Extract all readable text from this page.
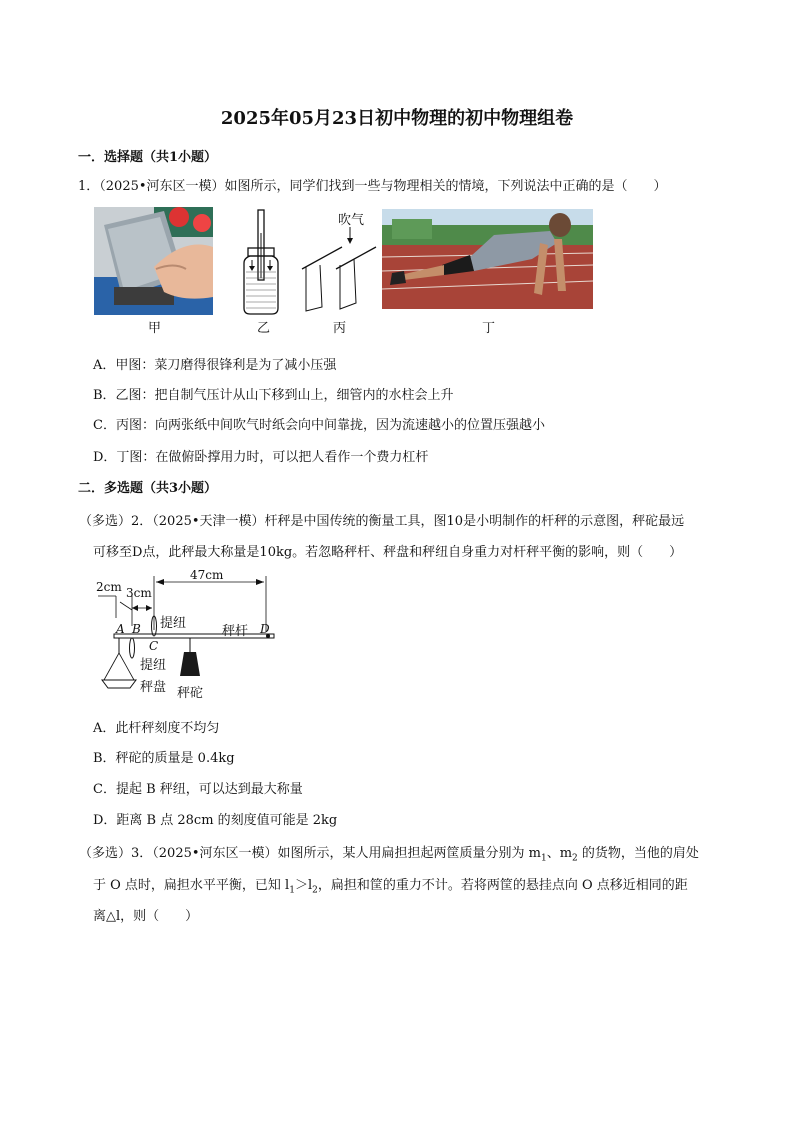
2025年05月23日初中物理的初中物理组卷
一．选择题（共1小题）
1．（2025•河东区一模）如图所示，同学们找到一些与物理相关的情境，下列说法中正确的是（　　）
甲	乙
吹气
丙	丁
A．甲图：菜刀磨得很锋利是为了减小压强
B．乙图：把自制气压计从山下移到山上，细管内的水柱会上升
C．丙图：向两张纸中间吹气时纸会向中间靠拢，因为流速越小的位置压强越小
D．丁图：在做俯卧撑用力时，可以把人看作一个费力杠杆
二．多选题（共3小题）
（多选）2．（2025•天津一模）杆秤是中国传统的衡量工具，图10是小明制作的杆秤的示意图，秤砣最远
可移至D点，此秤最大称量是10kg。若忽略秤杆、秤盘和秤纽自身重力对杆秤平衡的影响，则（　　）
2cm 3cm
47cm
A B
C
D
提纽
秤杆
提纽
秤盘 秤砣
A．此杆秤刻度不均匀
B．秤砣的质量是 0.4kg
C．提起 B 秤纽，可以达到最大称量
D．距离 B 点 28cm 的刻度值可能是 2kg
（多选）3．（2025•河东区一模）如图所示，某人用扁担担起两筐质量分别为 $m_1$、$m_2$ 的货物，当他的肩处
于 O 点时，扁担水平平衡，已知 $l_1>l_2$，扁担和筐的重力不计。若将两筐的悬挂点向 O 点移近相同的距
离△l，则（　　）
